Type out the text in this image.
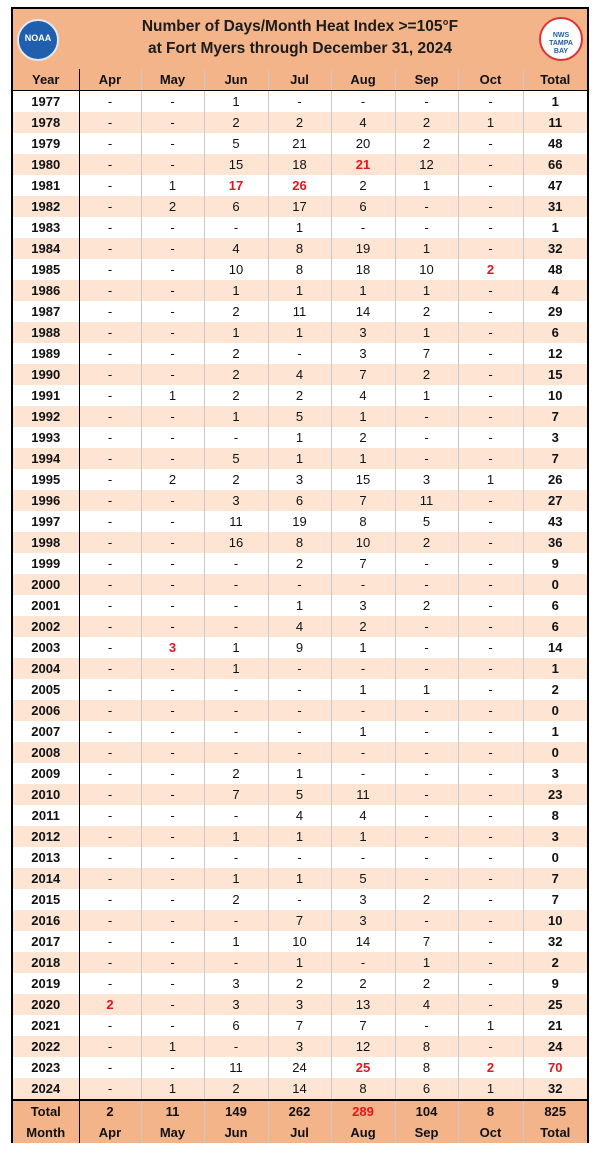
Number of Days/Month Heat Index >=105°F
at Fort Myers through December 31, 2024
NOAA	NWS
TAMPA
BAY
Year	Apr	May	Jun	Jul	Aug	Sep	Oct	Total
1977	-	-	1	-	-	-	-	1
1978	-	-	2	2	4	2	1	11
1979	-	-	5	21	20	2	-	48
1980	-	-	15	18	21	12	-	66
1981	-	1	17	26	2	1	-	47
1982	-	2	6	17	6	-	-	31
1983	-	-	-	1	-	-	-	1
1984	-	-	4	8	19	1	-	32
1985	-	-	10	8	18	10	2	48
1986	-	-	1	1	1	1	-	4
1987	-	-	2	11	14	2	-	29
1988	-	-	1	1	3	1	-	6
1989	-	-	2	-	3	7	-	12
1990	-	-	2	4	7	2	-	15
1991	-	1	2	2	4	1	-	10
1992	-	-	1	5	1	-	-	7
1993	-	-	-	1	2	-	-	3
1994	-	-	5	1	1	-	-	7
1995	-	2	2	3	15	3	1	26
1996	-	-	3	6	7	11	-	27
1997	-	-	11	19	8	5	-	43
1998	-	-	16	8	10	2	-	36
1999	-	-	-	2	7	-	-	9
2000	-	-	-	-	-	-	-	0
2001	-	-	-	1	3	2	-	6
2002	-	-	-	4	2	-	-	6
2003	-	3	1	9	1	-	-	14
2004	-	-	1	-	-	-	-	1
2005	-	-	-	-	1	1	-	2
2006	-	-	-	-	-	-	-	0
2007	-	-	-	-	1	-	-	1
2008	-	-	-	-	-	-	-	0
2009	-	-	2	1	-	-	-	3
2010	-	-	7	5	11	-	-	23
2011	-	-	-	4	4	-	-	8
2012	-	-	1	1	1	-	-	3
2013	-	-	-	-	-	-	-	0
2014	-	-	1	1	5	-	-	7
2015	-	-	2	-	3	2	-	7
2016	-	-	-	7	3	-	-	10
2017	-	-	1	10	14	7	-	32
2018	-	-	-	1	-	1	-	2
2019	-	-	3	2	2	2	-	9
2020	2	-	3	3	13	4	-	25
2021	-	-	6	7	7	-	1	21
2022	-	1	-	3	12	8	-	24
2023	-	-	11	24	25	8	2	70
2024	-	1	2	14	8	6	1	32
Total	2	11	149	262	289	104	8	825
Month	Apr	May	Jun	Jul	Aug	Sep	Oct	Total
